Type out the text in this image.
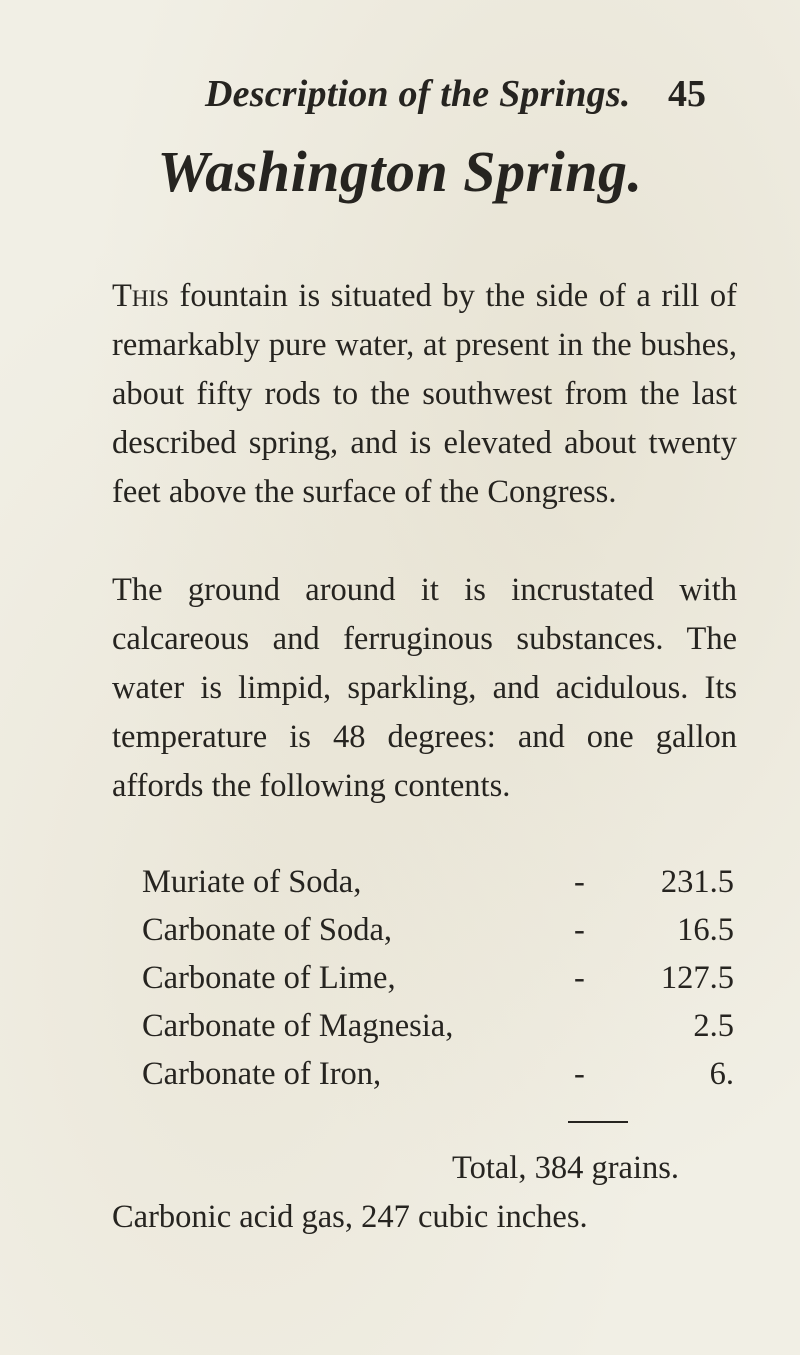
Description of the Springs. 45
Washington Spring.

This fountain is situated by the side of a rill of remarkably pure water, at present in the bushes, about fifty rods to the southwest from the last described spring, and is elevated about twenty feet above the surface of the Congress.

The ground around it is incrustated with calcareous and ferruginous substances. The water is limpid, sparkling, and acidulous. Its temperature is 48 degrees: and one gallon affords the following contents.

Muriate of Soda,	- 231.5
Carbonate of Soda,	-	16.5
Carbonate of Lime,	- 127.5
Carbonate of Magnesia,	2.5
Carbonate of Iron,	-	6.
Total, 384 grains.
Carbonic acid gas, 247 cubic inches.
